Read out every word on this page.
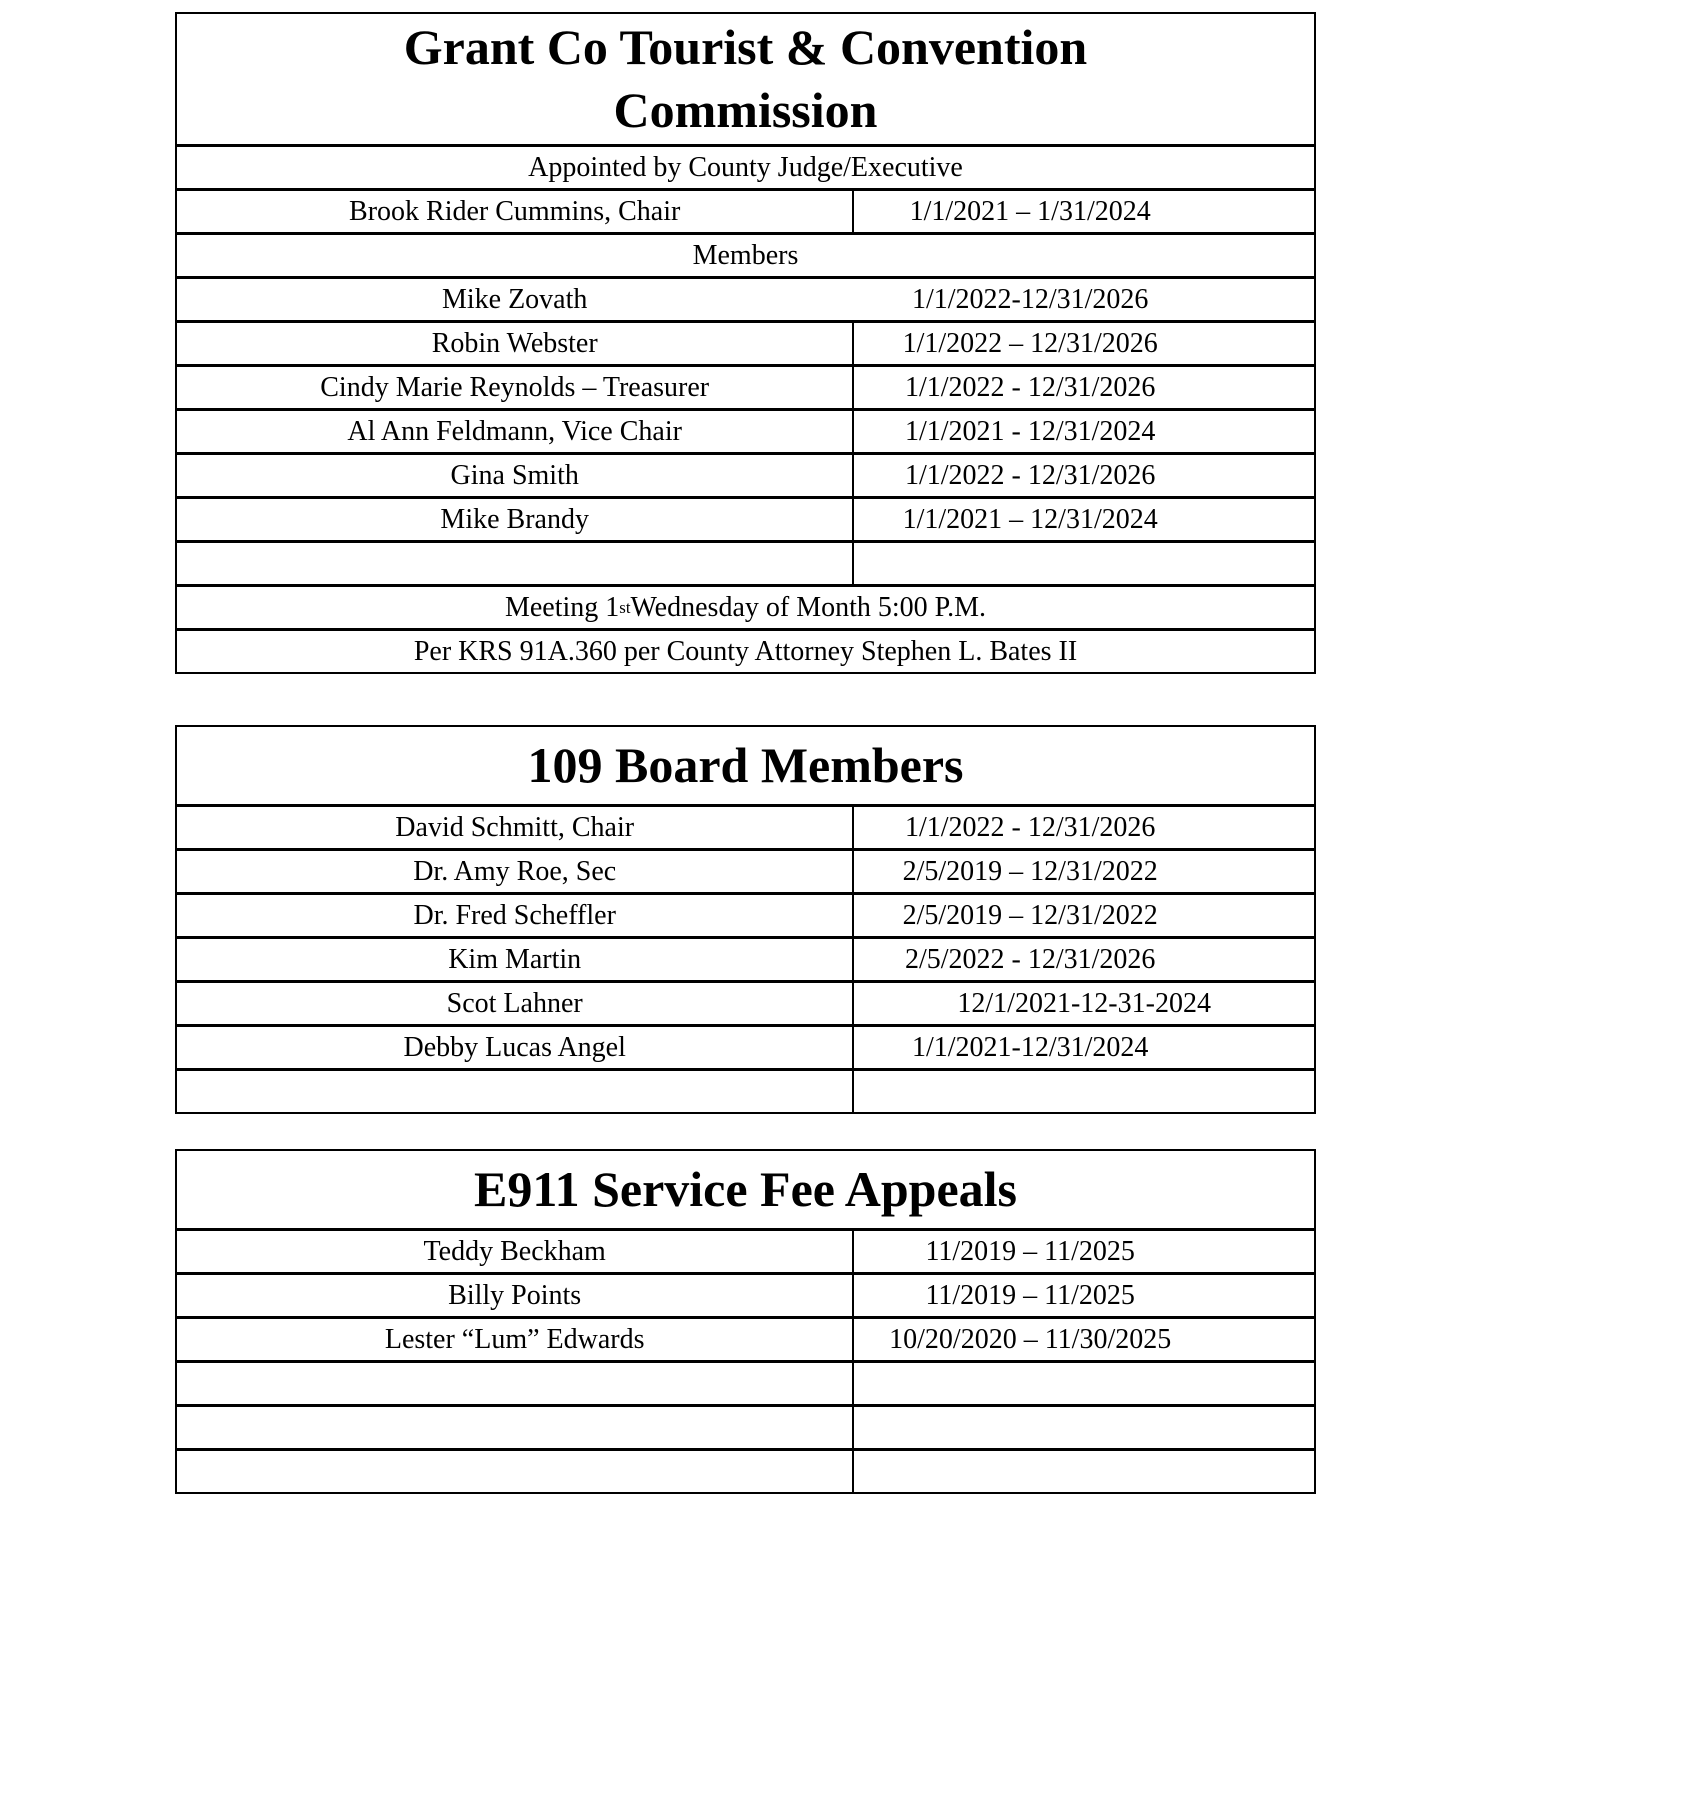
Grant Co Tourist & Convention
Commission
Appointed by County Judge/Executive
Brook Rider Cummins, Chair	1/1/2021 – 1/31/2024
Members
Mike Zovath	1/1/2022-12/31/2026
Robin Webster	1/1/2022 – 12/31/2026
Cindy Marie Reynolds – Treasurer	1/1/2022 - 12/31/2026
Al Ann Feldmann, Vice Chair	1/1/2021 - 12/31/2024
Gina Smith	1/1/2022 - 12/31/2026
Mike Brandy	1/1/2021 – 12/31/2024
Meeting 1 st Wednesday of Month 5:00 P.M.
Per KRS 91A.360 per County Attorney Stephen L. Bates II
109 Board Members
David Schmitt, Chair	1/1/2022 - 12/31/2026
Dr. Amy Roe, Sec	2/5/2019 – 12/31/2022
Dr. Fred Scheffler	2/5/2019 – 12/31/2022
Kim Martin	2/5/2022 - 12/31/2026
Scot Lahner	12/1/2021-12-31-2024
Debby Lucas Angel	1/1/2021-12/31/2024
E911 Service Fee Appeals
Teddy Beckham	11/2019 – 11/2025
Billy Points	11/2019 – 11/2025
Lester “Lum” Edwards	10/20/2020 – 11/30/2025
